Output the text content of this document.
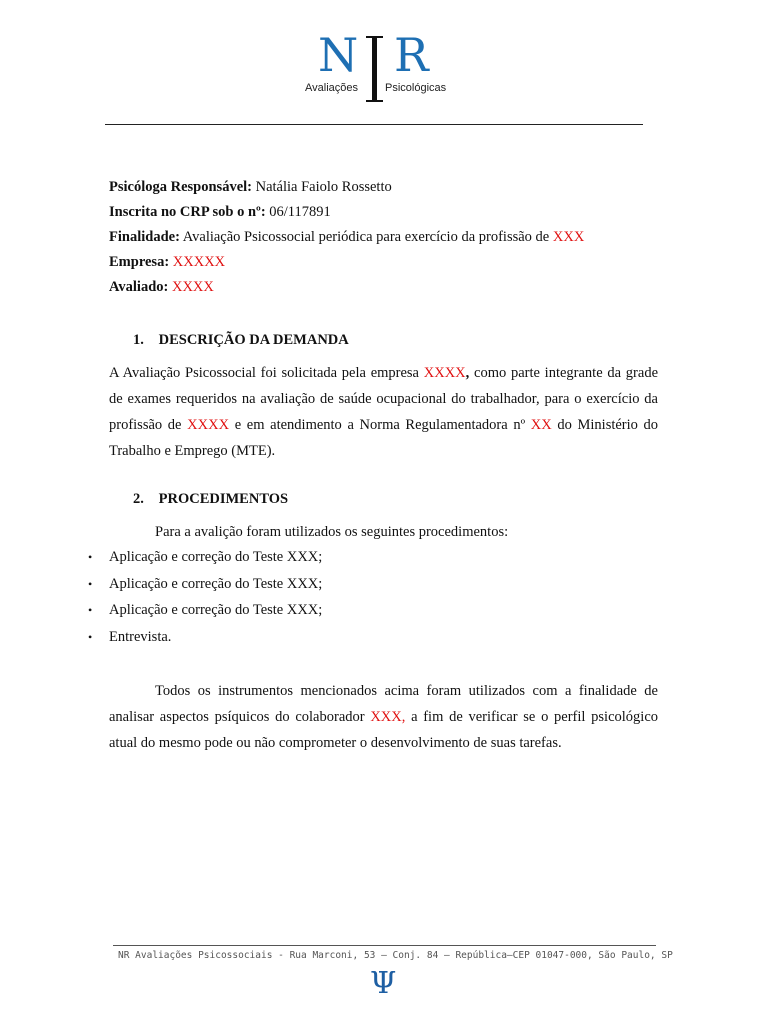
N R
Avaliações Psicológicas
Psicóloga Responsável: Natália Faiolo Rossetto
Inscrita no CRP sob o nº: 06/117891
Finalidade: Avaliação Psicossocial periódica para exercício da profissão de XXX
Empresa: XXXXX
Avaliado: XXXX
1. DESCRIÇÃO DA DEMANDA
A Avaliação Psicossocial foi solicitada pela empresa XXXX, como parte integrante da grade de exames requeridos na avaliação de saúde ocupacional do trabalhador, para o exercício da profissão de XXXX e em atendimento a Norma Regulamentadora nº XX do Ministério do Trabalho e Emprego (MTE).
2. PROCEDIMENTOS
Para a avalição foram utilizados os seguintes procedimentos:
•	Aplicação e correção do Teste XXX;
•	Aplicação e correção do Teste XXX;
•	Aplicação e correção do Teste XXX;
•	Entrevista.
Todos os instrumentos mencionados acima foram utilizados com a finalidade de analisar aspectos psíquicos do colaborador XXX, a fim de verificar se o perfil psicológico atual do mesmo pode ou não comprometer o desenvolvimento de suas tarefas.
NR Avaliações Psicossociais - Rua Marconi, 53 – Conj. 84 – República–CEP 01047-000, São Paulo, SP
Ψ
